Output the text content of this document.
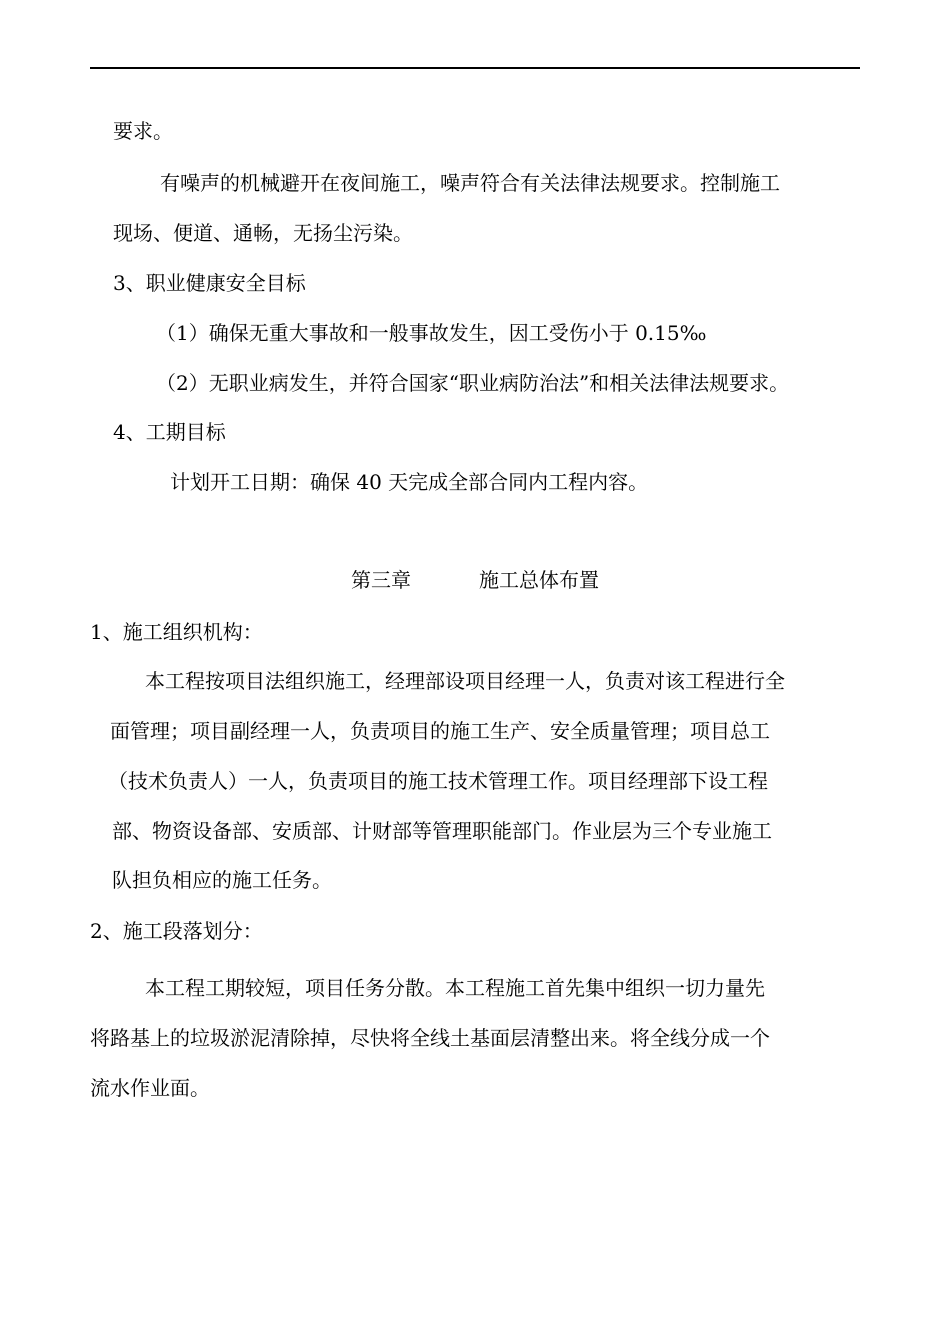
要求。
有噪声的机械避开在夜间施工，噪声符合有关法律法规要求。控制施工
现场、便道、通畅，无扬尘污染。
3、职业健康安全目标
（1）确保无重大事故和一般事故发生，因工受伤小于 0.15‰
（2）无职业病发生，并符合国家“职业病防治法”和相关法律法规要求。
4、工期目标
计划开工日期：确保 40 天完成全部合同内工程内容。
第三章	施工总体布置
1、施工组织机构：
本工程按项目法组织施工，经理部设项目经理一人，负责对该工程进行全
面管理；项目副经理一人，负责项目的施工生产、安全质量管理；项目总工
（技术负责人）一人，负责项目的施工技术管理工作。项目经理部下设工程
部、物资设备部、安质部、计财部等管理职能部门。作业层为三个专业施工
队担负相应的施工任务。
2、施工段落划分：
本工程工期较短，项目任务分散。本工程施工首先集中组织一切力量先
将路基上的垃圾淤泥清除掉，尽快将全线土基面层清整出来。将全线分成一个
流水作业面。
